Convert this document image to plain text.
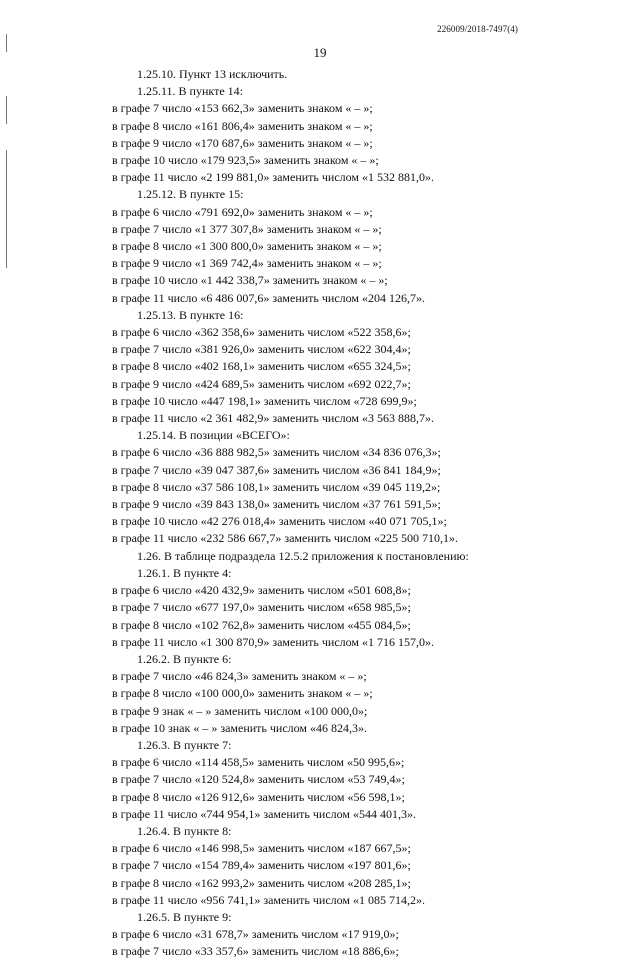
226009/2018-7497(4)
19

1.25.10. Пункт 13 исключить.

1.25.11. В пункте 14:

в графе 7 число «153 662,3» заменить знаком « – »;

в графе 8 число «161 806,4» заменить знаком « – »;

в графе 9 число «170 687,6» заменить знаком « – »;

в графе 10 число «179 923,5» заменить знаком « – »;

в графе 11 число «2 199 881,0» заменить числом «1 532 881,0».

1.25.12. В пункте 15:

в графе 6 число «791 692,0» заменить знаком « – »;

в графе 7 число «1 377 307,8» заменить знаком « – »;

в графе 8 число «1 300 800,0» заменить знаком « – »;

в графе 9 число «1 369 742,4» заменить знаком « – »;

в графе 10 число «1 442 338,7» заменить знаком « – »;

в графе 11 число «6 486 007,6» заменить числом «204 126,7».

1.25.13. В пункте 16:

в графе 6 число «362 358,6» заменить числом «522 358,6»;

в графе 7 число «381 926,0» заменить числом «622 304,4»;

в графе 8 число «402 168,1» заменить числом «655 324,5»;

в графе 9 число «424 689,5» заменить числом «692 022,7»;

в графе 10 число «447 198,1» заменить числом «728 699,9»;

в графе 11 число «2 361 482,9» заменить числом «3 563 888,7».

1.25.14. В позиции «ВСЕГО»:

в графе 6 число «36 888 982,5» заменить числом «34 836 076,3»;

в графе 7 число «39 047 387,6» заменить числом «36 841 184,9»;

в графе 8 число «37 586 108,1» заменить числом «39 045 119,2»;

в графе 9 число «39 843 138,0» заменить числом «37 761 591,5»;

в графе 10 число «42 276 018,4» заменить числом «40 071 705,1»;

в графе 11 число «232 586 667,7» заменить числом «225 500 710,1».

1.26. В таблице подраздела 12.5.2 приложения к постановлению:

1.26.1. В пункте 4:

в графе 6 число «420 432,9» заменить числом «501 608,8»;

в графе 7 число «677 197,0» заменить числом «658 985,5»;

в графе 8 число «102 762,8» заменить числом «455 084,5»;

в графе 11 число «1 300 870,9» заменить числом «1 716 157,0».

1.26.2. В пункте 6:

в графе 7 число «46 824,3» заменить знаком « – »;

в графе 8 число «100 000,0» заменить знаком « – »;

в графе 9 знак « – » заменить числом «100 000,0»;

в графе 10 знак « – » заменить числом «46 824,3».

1.26.3. В пункте 7:

в графе 6 число «114 458,5» заменить числом «50 995,6»;

в графе 7 число «120 524,8» заменить числом «53 749,4»;

в графе 8 число «126 912,6» заменить числом «56 598,1»;

в графе 11 число «744 954,1» заменить числом «544 401,3».

1.26.4. В пункте 8:

в графе 6 число «146 998,5» заменить числом «187 667,5»;

в графе 7 число «154 789,4» заменить числом «197 801,6»;

в графе 8 число «162 993,2» заменить числом «208 285,1»;

в графе 11 число «956 741,1» заменить числом «1 085 714,2».

1.26.5. В пункте 9:

в графе 6 число «31 678,7» заменить числом «17 919,0»;

в графе 7 число «33 357,6» заменить числом «18 886,6»;
